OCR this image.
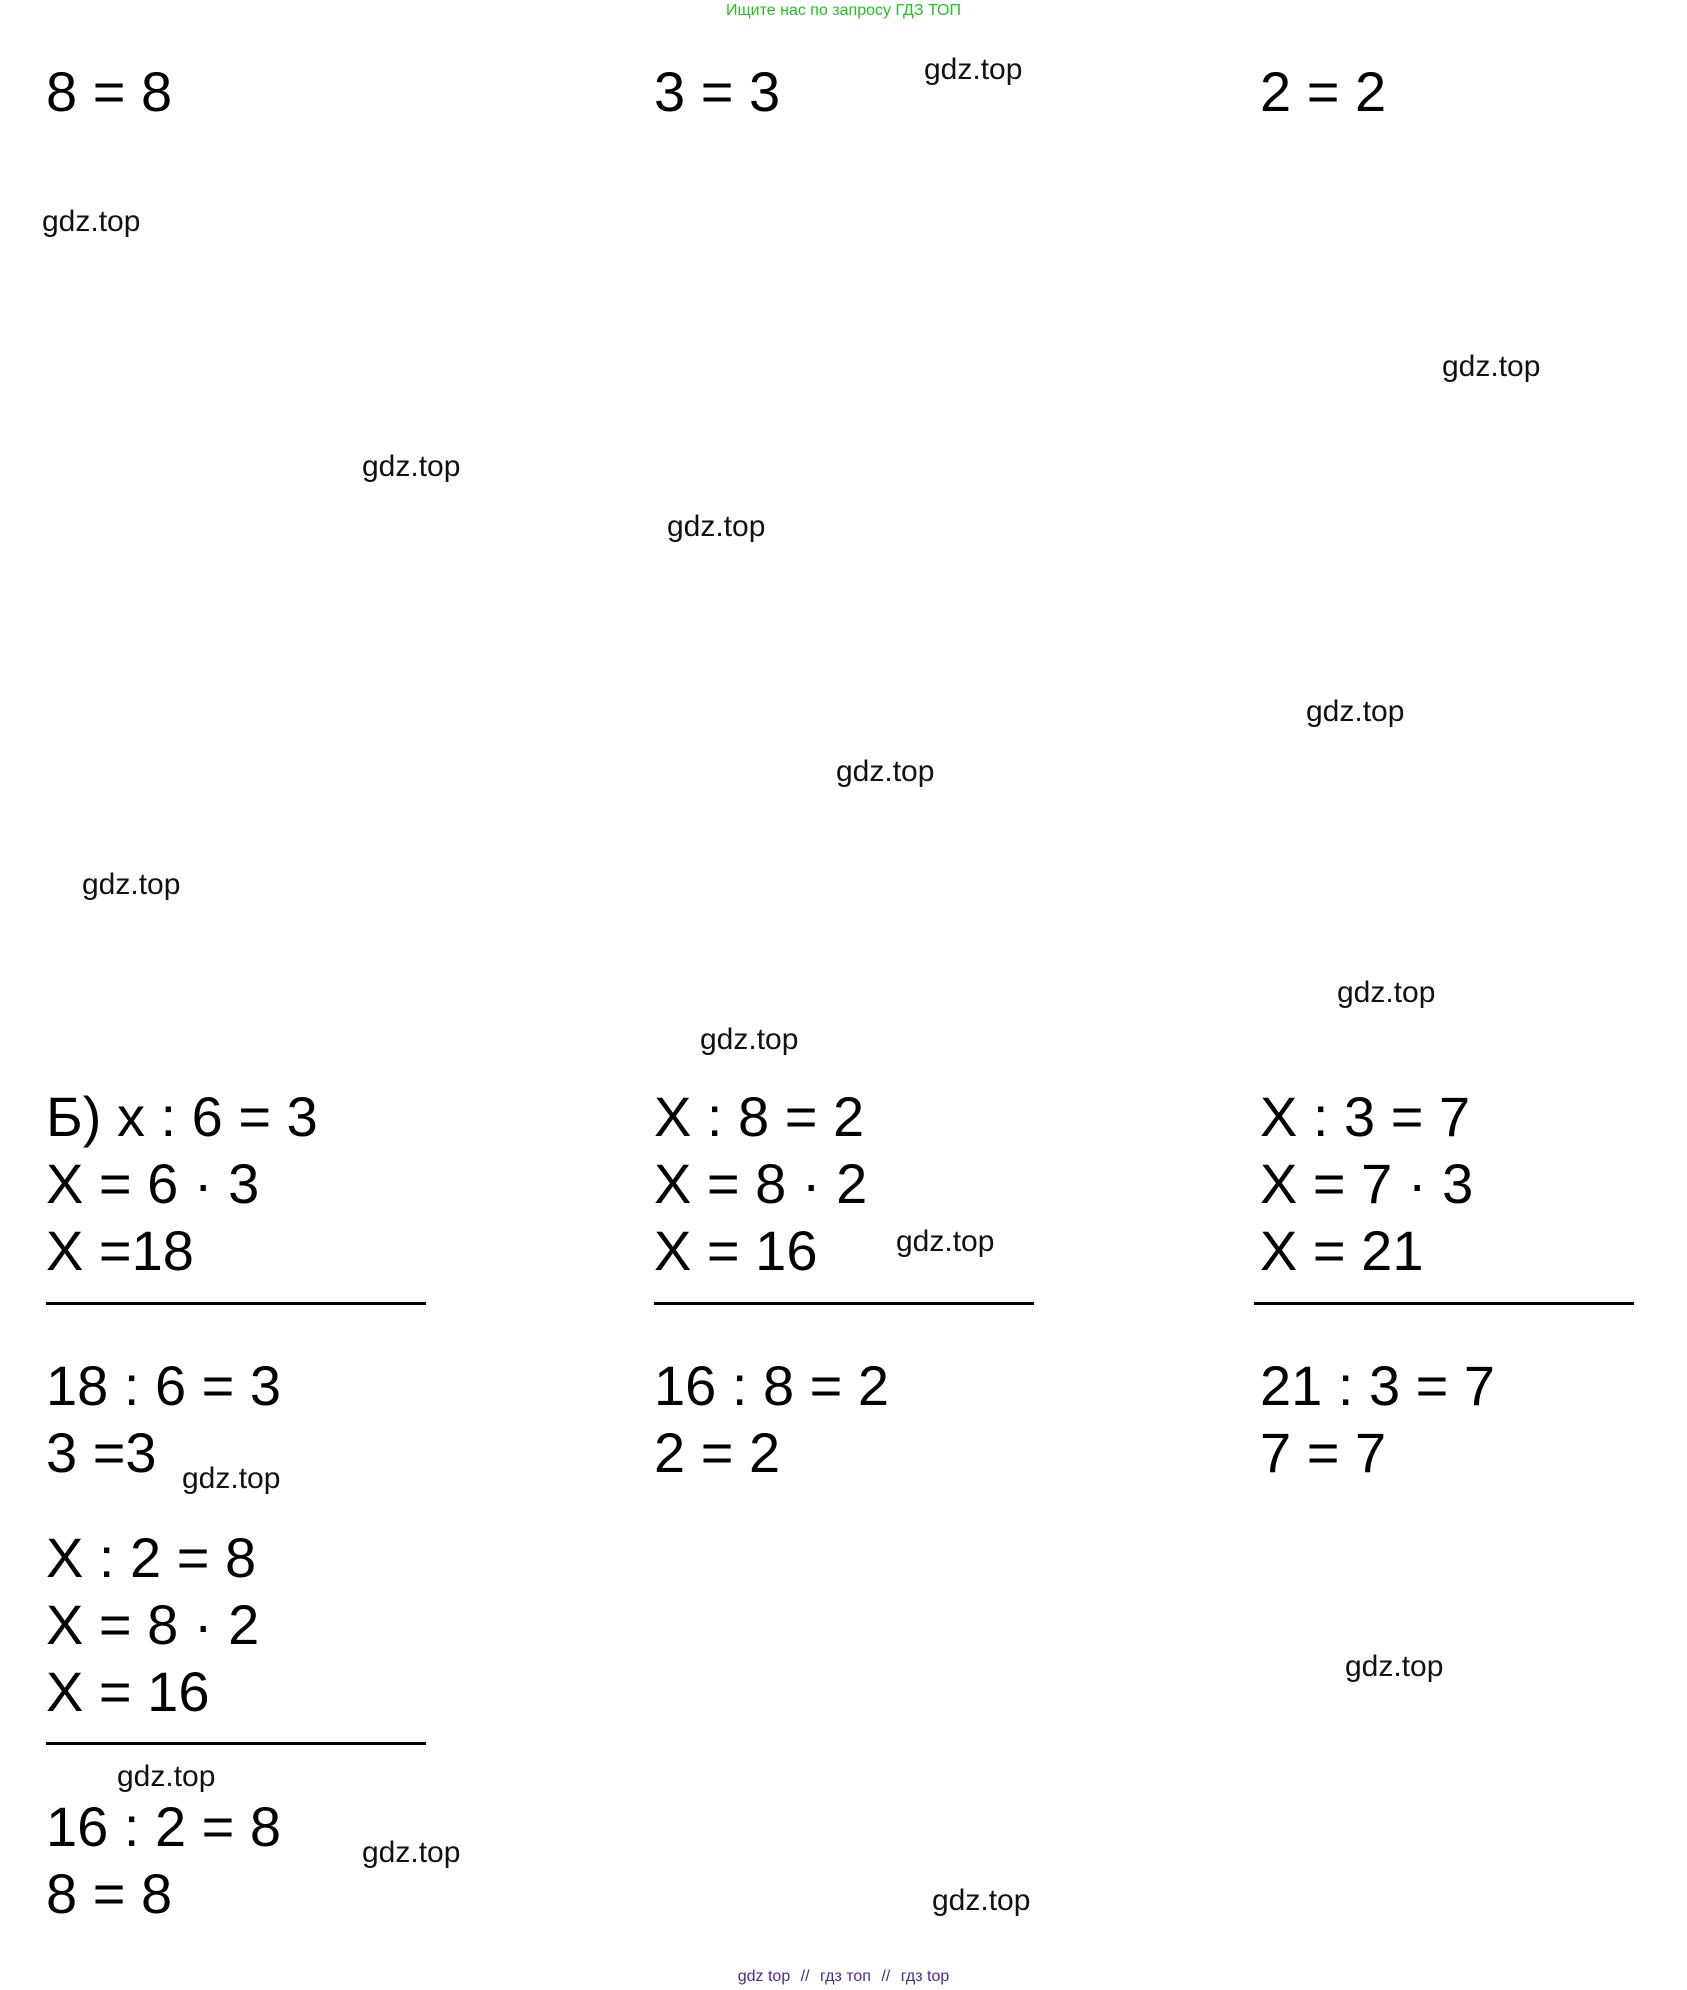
Ищите нас по запросу ГДЗ ТОП
8 = 8	3 = 3	2 = 2
gdz.top
gdz.top
gdz.top
gdz.top
gdz.top
gdz.top
gdz.top
gdz.top
gdz.top
gdz.top
gdz.top
gdz.top
gdz.top
gdz.top
gdz.top
gdz.top
Б) x : 6 = 3
X = 6 · 3
X =18
18 : 6 = 3
3 =3
X : 8 = 2
X = 8 · 2
X = 16
16 : 8 = 2
2 = 2
X : 3 = 7
X = 7 · 3
X = 21
21 : 3 = 7
7 = 7
X : 2 = 8
X = 8 · 2
X = 16
16 : 2 = 8
8 = 8
gdz top // гдз топ // гдз top
